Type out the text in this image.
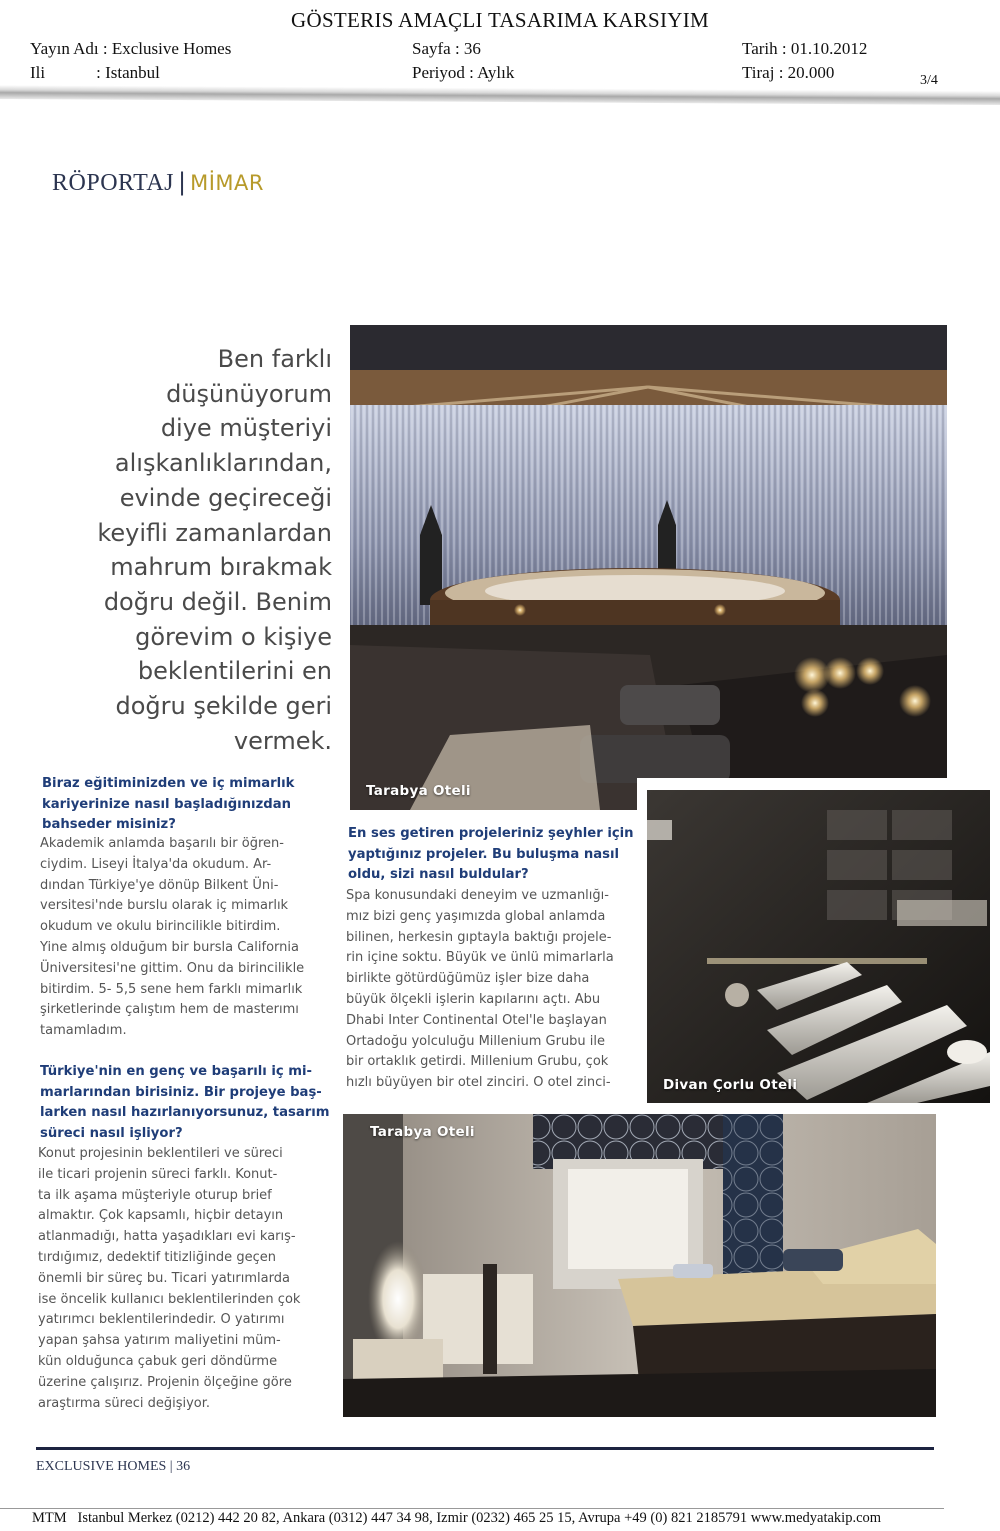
GÖSTERIS AMAÇLI TASARIMA KARSIYIM
Yayın Adı : Exclusive Homes
Ili            : Istanbul
Sayfa : 36
Periyod : Aylık
Tarih : 01.10.2012
Tiraj : 20.000	3/4
RÖPORTAJ | MİMAR
Ben farklı
düşünüyorum
diye müşteriyi
alışkanlıklarından,
evinde geçireceği
keyifli zamanlardan
mahrum bırakmak
doğru değil. Benim
görevim o kişiye
beklentilerini en
doğru şekilde geri
vermek.
Tarabya Oteli
Divan Çorlu Oteli
Tarabya Oteli
Biraz eğitiminizden ve iç mimarlık
kariyerinize nasıl başladığınızdan
bahseder misiniz?
Akademik anlamda başarılı bir öğren-
ciydim. Liseyi İtalya'da okudum. Ar-
dından Türkiye'ye dönüp Bilkent Üni-
versitesi'nde burslu olarak iç mimarlık
okudum ve okulu birincilikle bitirdim.
Yine almış olduğum bir bursla California
Üniversitesi'ne gittim. Onu da birincilikle
bitirdim. 5- 5,5 sene hem farklı mimarlık
şirketlerinde çalıştım hem de masterımı
tamamladım.
Türkiye'nin en genç ve başarılı iç mi-
marlarından birisiniz. Bir projeye baş-
larken nasıl hazırlanıyorsunuz, tasarım
süreci nasıl işliyor?
Konut projesinin beklentileri ve süreci
ile ticari projenin süreci farklı. Konut-
ta ilk aşama müşteriyle oturup brief
almaktır. Çok kapsamlı, hiçbir detayın
atlanmadığı, hatta yaşadıkları evi karış-
tırdığımız, dedektif titizliğinde geçen
önemli bir süreç bu. Ticari yatırımlarda
ise öncelik kullanıcı beklentilerinden çok
yatırımcı beklentilerindedir. O yatırımı
yapan şahsa yatırım maliyetini müm-
kün olduğunca çabuk geri döndürme
üzerine çalışırız. Projenin ölçeğine göre
araştırma süreci değişiyor.
En ses getiren projeleriniz şeyhler için
yaptığınız projeler. Bu buluşma nasıl
oldu, sizi nasıl buldular?
Spa konusundaki deneyim ve uzmanlığı-
mız bizi genç yaşımızda global anlamda
bilinen, herkesin gıptayla baktığı projele-
rin içine soktu. Büyük ve ünlü mimarlarla
birlikte götürdüğümüz işler bize daha
büyük ölçekli işlerin kapılarını açtı. Abu
Dhabi Inter Continental Otel'le başlayan
Ortadoğu yolculuğu Millenium Grubu ile
bir ortaklık getirdi. Millenium Grubu, çok
hızlı büyüyen bir otel zinciri. O otel zinci-
EXCLUSIVE HOMES | 36
MTM   Istanbul Merkez (0212) 442 20 82, Ankara (0312) 447 34 98, Izmir (0232) 465 25 15, Avrupa +49 (0) 821 2185791 www.medyatakip.com
